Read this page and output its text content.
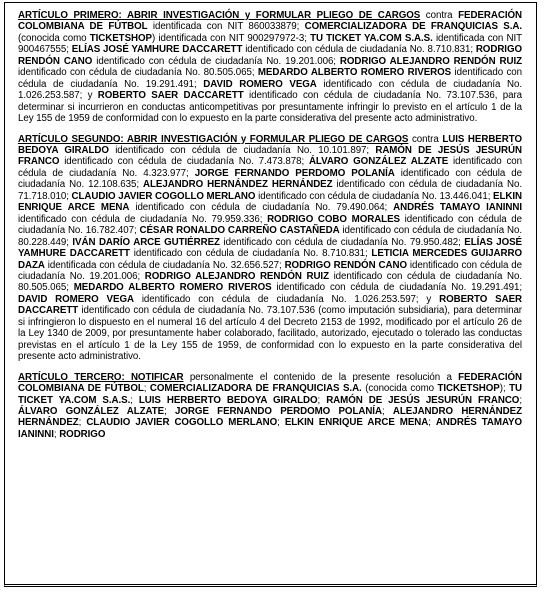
ARTÍCULO PRIMERO: ABRIR INVESTIGACIÓN y FORMULAR PLIEGO DE CARGOS contra FEDERACIÓN COLOMBIANA DE FÚTBOL identificada con NIT 860033879; COMERCIALIZADORA DE FRANQUICIAS S.A. (conocida como TICKETSHOP) identificada con NIT 900297972-3; TU TICKET YA.COM S.A.S. identificada con NIT 900467555; ELÍAS JOSÉ YAMHURE DACCARETT identificado con cédula de ciudadanía No. 8.710.831; RODRIGO RENDÓN CANO identificado con cédula de ciudadanía No. 19.201.006; RODRIGO ALEJANDRO RENDÓN RUIZ identificado con cédula de ciudadanía No. 80.505.065; MEDARDO ALBERTO ROMERO RIVEROS identificado con cédula de ciudadanía No. 19.291.491; DAVID ROMERO VEGA identificado con cédula de ciudadanía No. 1.026.253.587; y ROBERTO SAER DACCARETT identificado con cédula de ciudadanía No. 73.107.536, para determinar si incurrieron en conductas anticompetitivas por presuntamente infringir lo previsto en el artículo 1 de la Ley 155 de 1959 de conformidad con lo expuesto en la parte considerativa del presente acto administrativo.

ARTÍCULO SEGUNDO: ABRIR INVESTIGACIÓN y FORMULAR PLIEGO DE CARGOS contra LUIS HERBERTO BEDOYA GIRALDO identificado con cédula de ciudadanía No. 10.101.897; RAMÓN DE JESÚS JESURÚN FRANCO identificado con cédula de ciudadanía No. 7.473.878; ÁLVARO GONZÁLEZ ALZATE identificado con cédula de ciudadanía No. 4.323.977; JORGE FERNANDO PERDOMO POLANÍA identificado con cédula de ciudadanía No. 12.108.635; ALEJANDRO HERNÁNDEZ HERNÁNDEZ identificado con cédula de ciudadanía No. 71.718.010; CLAUDIO JAVIER COGOLLO MERLANO identificado con cédula de ciudadanía No. 13.446.041; ELKIN ENRIQUE ARCE MENA identificado con cédula de ciudadanía No. 79.490.064; ANDRÉS TAMAYO IANINNI identificado con cédula de ciudadanía No. 79.959.336; RODRIGO COBO MORALES identificado con cédula de ciudadanía No. 16.782.407; CÉSAR RONALDO CARREÑO CASTAÑEDA identificado con cédula de ciudadanía No. 80.228.449; IVÁN DARÍO ARCE GUTIÉRREZ identificado con cédula de ciudadanía No. 79.950.482; ELÍAS JOSÉ YAMHURE DACCARETT identificado con cédula de ciudadanía No. 8.710.831; LETICIA MERCEDES GUIJARRO DAZA identificada con cédula de ciudadanía No. 32.656.527; RODRIGO RENDÓN CANO identificado con cédula de ciudadanía No. 19.201.006; RODRIGO ALEJANDRO RENDÓN RUIZ identificado con cédula de ciudadanía No. 80.505.065; MEDARDO ALBERTO ROMERO RIVEROS identificado con cédula de ciudadanía No. 19.291.491; DAVID ROMERO VEGA identificado con cédula de ciudadanía No. 1.026.253.597; y ROBERTO SAER DACCARETT identificado con cédula de ciudadanía No. 73.107.536 (como imputación subsidiaria), para determinar si infringieron lo dispuesto en el numeral 16 del artículo 4 del Decreto 2153 de 1992, modificado por el artículo 26 de la Ley 1340 de 2009, por presuntamente haber colaborado, facilitado, autorizado, ejecutado o tolerado las conductas previstas en el artículo 1 de la Ley 155 de 1959, de conformidad con lo expuesto en la parte considerativa del presente acto administrativo.

ARTÍCULO TERCERO: NOTIFICAR personalmente el contenido de la presente resolución a FEDERACIÓN COLOMBIANA DE FÚTBOL; COMERCIALIZADORA DE FRANQUICIAS S.A. (conocida como TICKETSHOP); TU TICKET YA.COM S.A.S.; LUIS HERBERTO BEDOYA GIRALDO; RAMÓN DE JESÚS JESURÚN FRANCO; ÁLVARO GONZÁLEZ ALZATE; JORGE FERNANDO PERDOMO POLANÍA; ALEJANDRO HERNÁNDEZ HERNÁNDEZ; CLAUDIO JAVIER COGOLLO MERLANO; ELKIN ENRIQUE ARCE MENA; ANDRÉS TAMAYO IANINNI; RODRIGO
